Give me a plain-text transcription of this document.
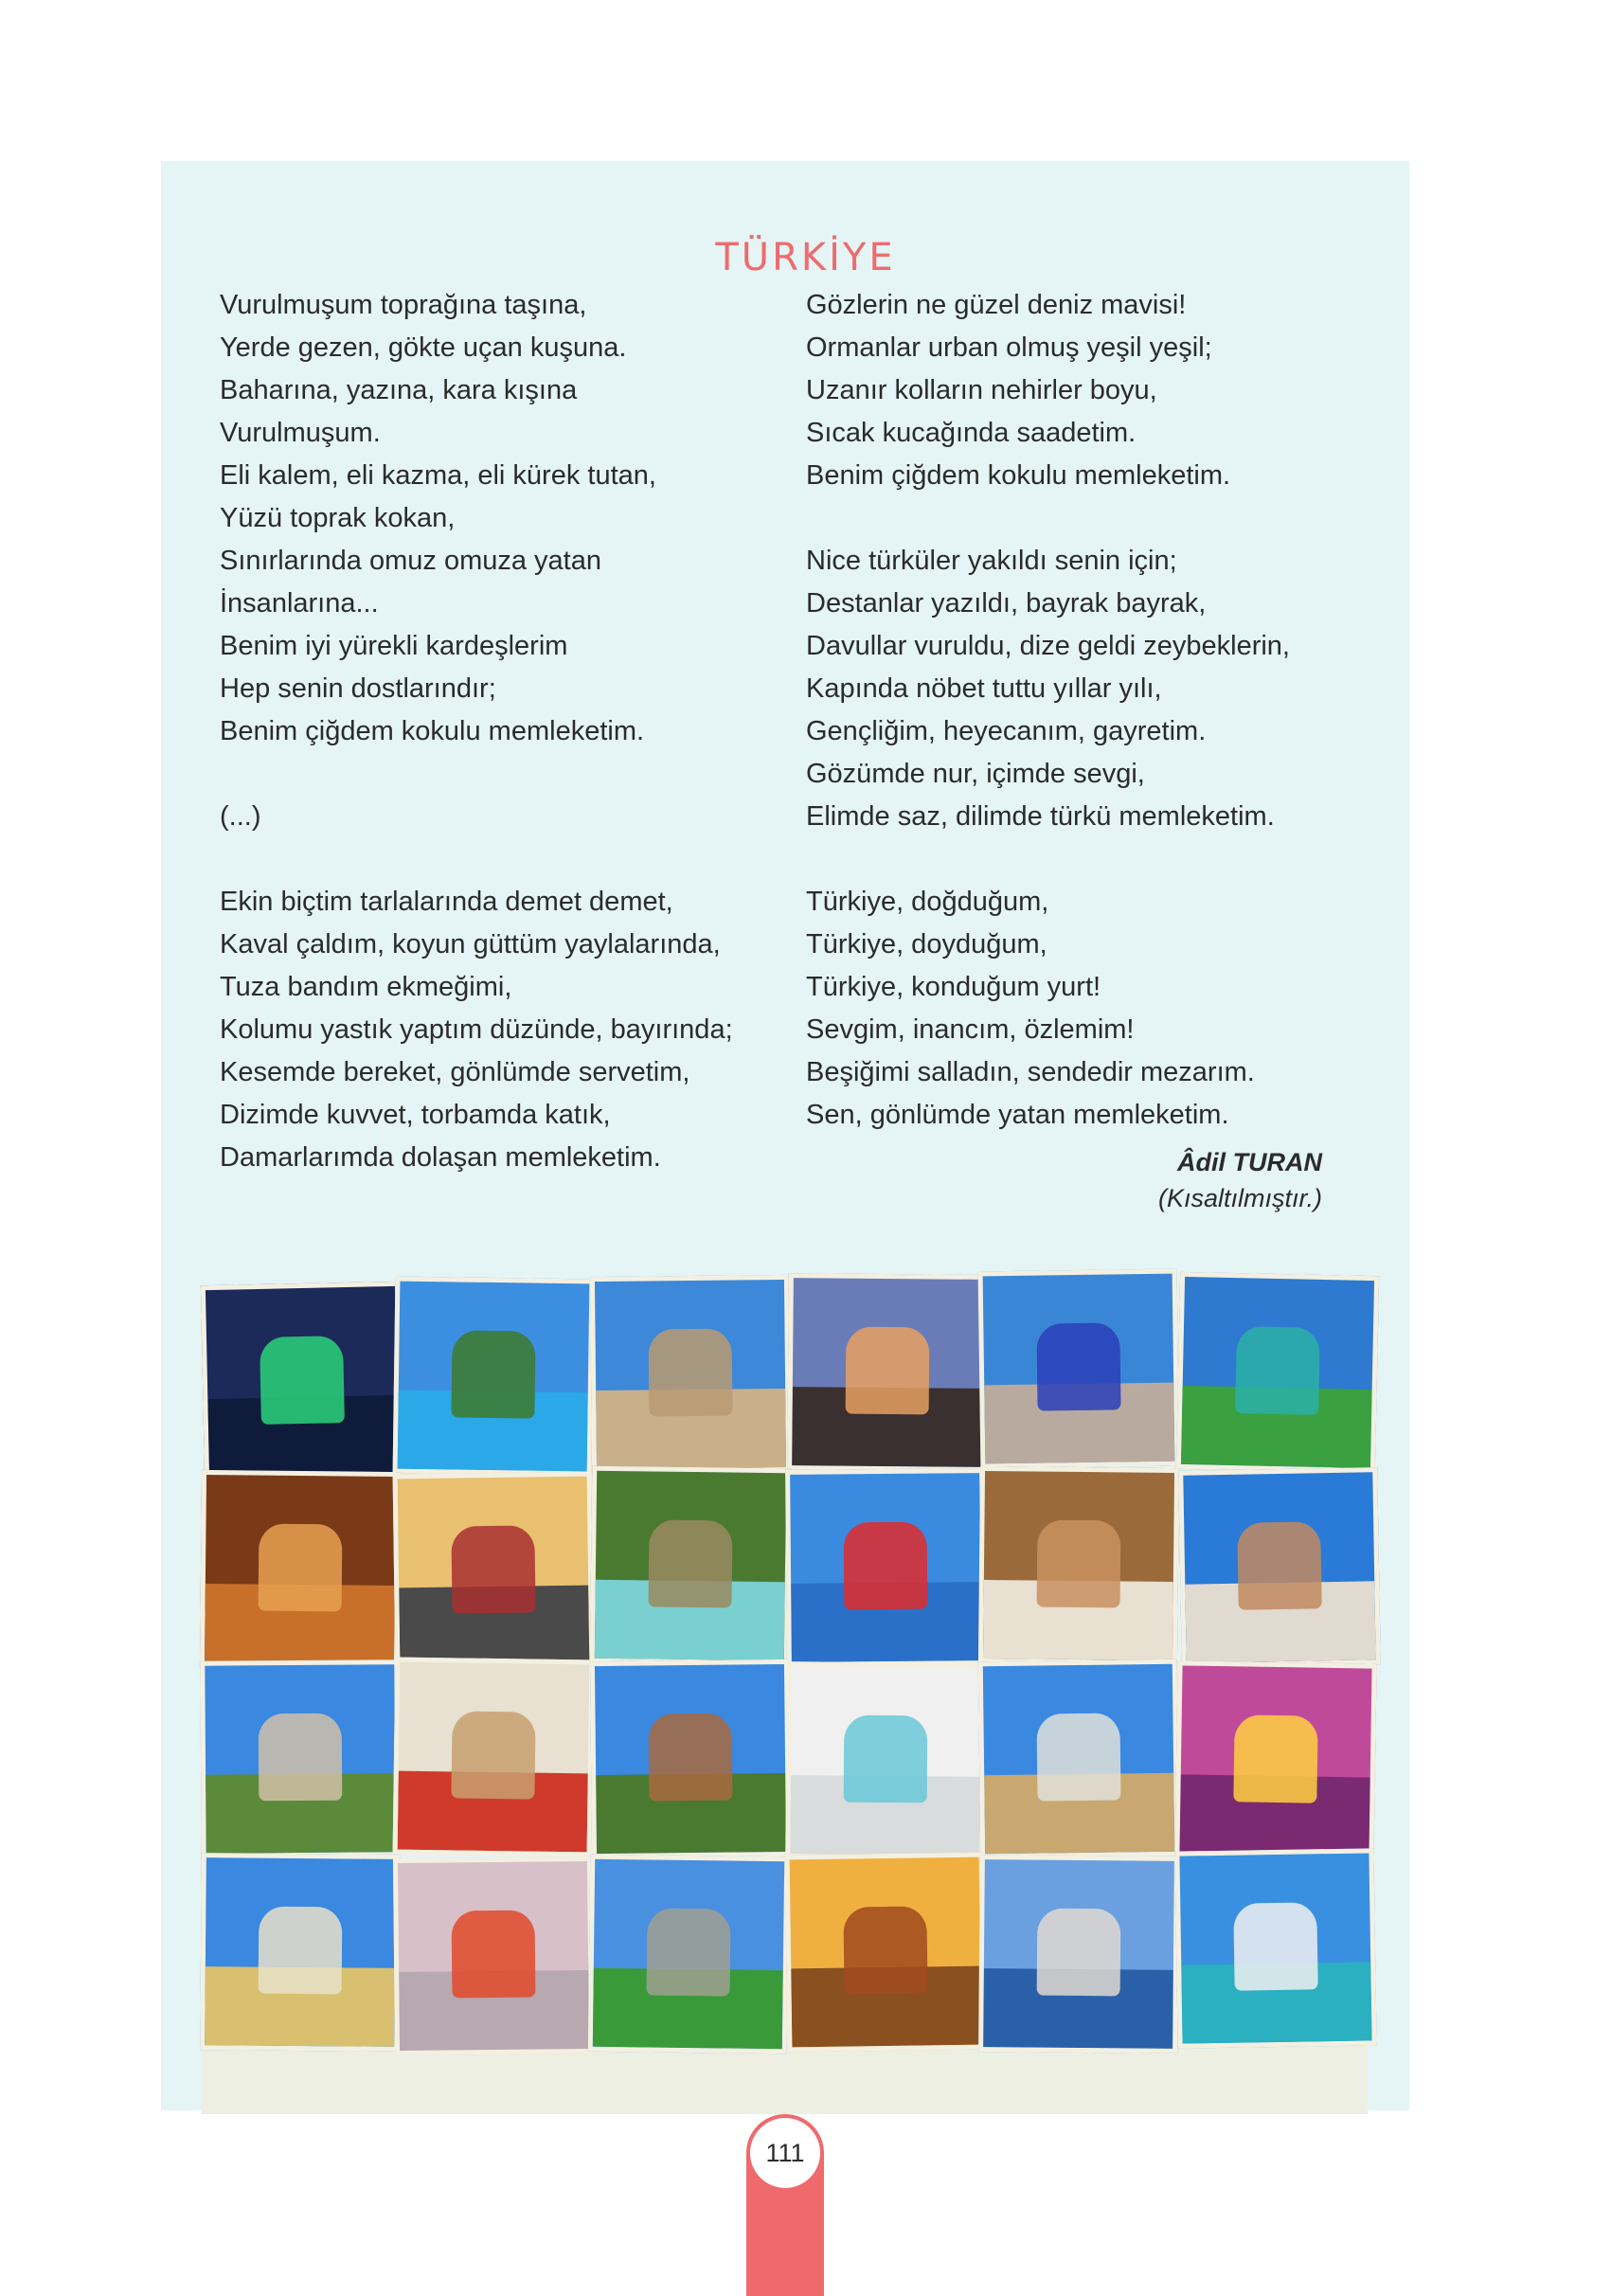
TÜRKİYE
Vurulmuşum toprağına taşına,
Yerde gezen, gökte uçan kuşuna.
Baharına, yazına, kara kışına
Vurulmuşum.
Eli kalem, eli kazma, eli kürek tutan,
Yüzü toprak kokan,
Sınırlarında omuz omuza yatan
İnsanlarına...
Benim iyi yürekli kardeşlerim
Hep senin dostlarındır;
Benim çiğdem kokulu memleketim.
(...)
Ekin biçtim tarlalarında demet demet,
Kaval çaldım, koyun güttüm yaylalarında,
Tuza bandım ekmeğimi,
Kolumu yastık yaptım düzünde, bayırında;
Kesemde bereket, gönlümde servetim,
Dizimde kuvvet, torbamda katık,
Damarlarımda dolaşan memleketim.
Gözlerin ne güzel deniz mavisi!
Ormanlar urban olmuş yeşil yeşil;
Uzanır kolların nehirler boyu,
Sıcak kucağında saadetim.
Benim çiğdem kokulu memleketim.
Nice türküler yakıldı senin için;
Destanlar yazıldı, bayrak bayrak,
Davullar vuruldu, dize geldi zeybeklerin,
Kapında nöbet tuttu yıllar yılı,
Gençliğim, heyecanım, gayretim.
Gözümde nur, içimde sevgi,
Elimde saz, dilimde türkü memleketim.
Türkiye, doğduğum,
Türkiye, doyduğum,
Türkiye, konduğum yurt!
Sevgim, inancım, özlemim!
Beşiğimi salladın, sendedir mezarım.
Sen, gönlümde yatan memleketim.
Âdil TURAN
(Kısaltılmıştır.)
111
